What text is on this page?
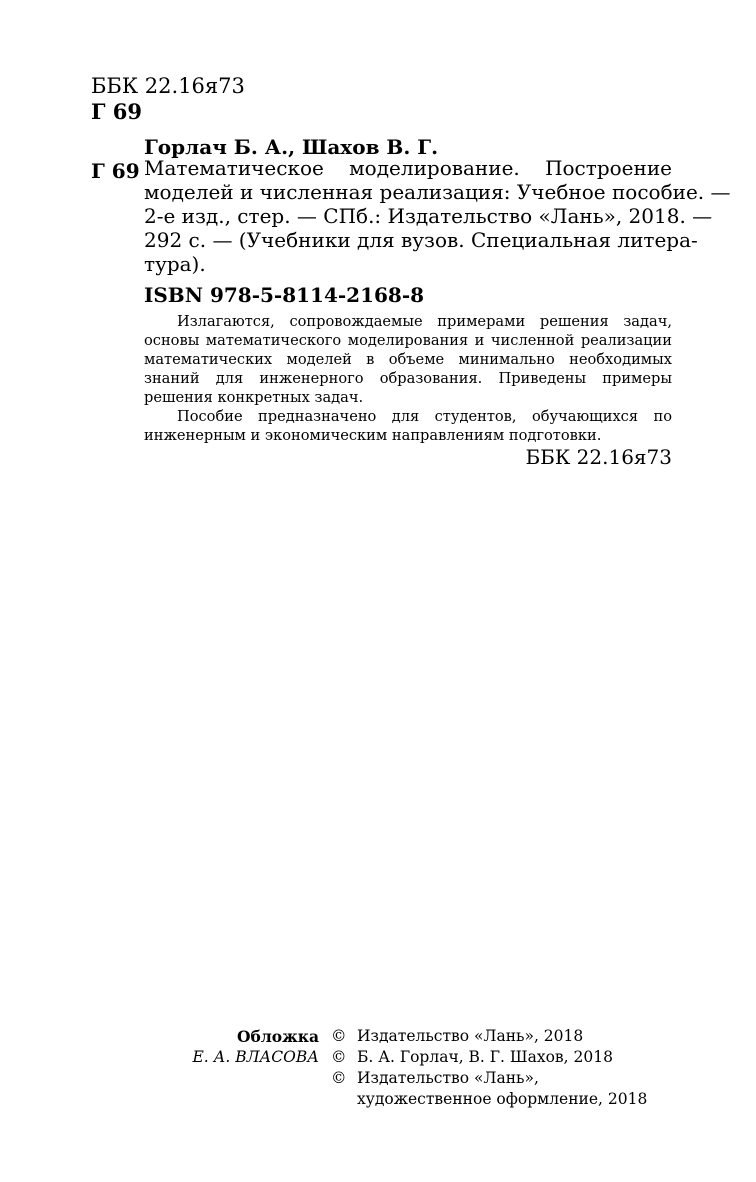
ББК 22.16я73
Г 69
Горлач Б. А., Шахов В. Г.
Г 69 Математическое моделирование. Построение
моделей и численная реализация: Учебное пособие. —
2-е изд., стер. — СПб.: Издательство «Лань», 2018. —
292 с. — (Учебники для вузов. Специальная литера-
тура).
ISBN 978-5-8114-2168-8
Излагаются, сопровождаемые примерами решения задач,
основы математического моделирования и численной реализации
математических моделей в объеме минимально необходимых
знаний для инженерного образования. Приведены примеры
решения конкретных задач.
Пособие предназначено для студентов, обучающихся по
инженерным и экономическим направлениям подготовки.
ББК 22.16я73
Обложка
Е. А. ВЛАСОВА
© Издательство «Лань», 2018
© Б. А. Горлач, В. Г. Шахов, 2018
© Издательство «Лань»,
художественное оформление, 2018
